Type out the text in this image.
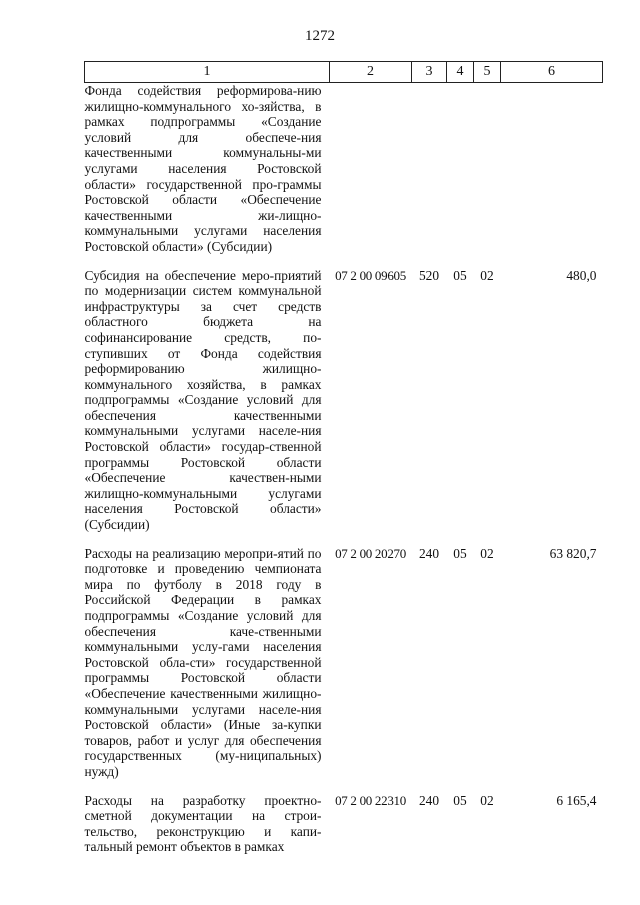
1272
1	2	3	4	5	6
Фонда содействия реформирова-нию жилищно-коммунального хо-зяйства, в рамках подпрограммы «Создание условий для обеспече-ния качественными коммунальны-ми услугами населения Ростовской области» государственной про-граммы Ростовской области «Обеспечение качественными жи-лищно-коммунальными услугами населения Ростовской области» (Субсидии)					

Субсидия на обеспечение меро-приятий по модернизации систем коммунальной инфраструктуры за счет средств областного бюджета на софинансирование средств, по-ступивших от Фонда содействия реформированию жилищно-коммунального хозяйства, в рамках подпрограммы «Создание условий для обеспечения качественными коммунальными услугами населе-ния Ростовской области» государ-ственной программы Ростовской области «Обеспечение качествен-ными жилищно-коммунальными услугами населения Ростовской области» (Субсидии)	07 2 00 09605	520	05	02	480,0

Расходы на реализацию меропри-ятий по подготовке и проведению чемпионата мира по футболу в 2018 году в Российской Федерации в рамках подпрограммы «Создание условий для обеспечения каче-ственными коммунальными услу-гами населения Ростовской обла-сти» государственной программы Ростовской области «Обеспечение качественными жилищно-коммунальными услугами населе-ния Ростовской области» (Иные за-купки товаров, работ и услуг для обеспечения государственных (му-ниципальных) нужд)	07 2 00 20270	240	05	02	63 820,7

Расходы на разработку проектно-сметной документации на строи-тельство, реконструкцию и капи-тальный ремонт объектов в рамках	07 2 00 22310	240	05	02	6 165,4
